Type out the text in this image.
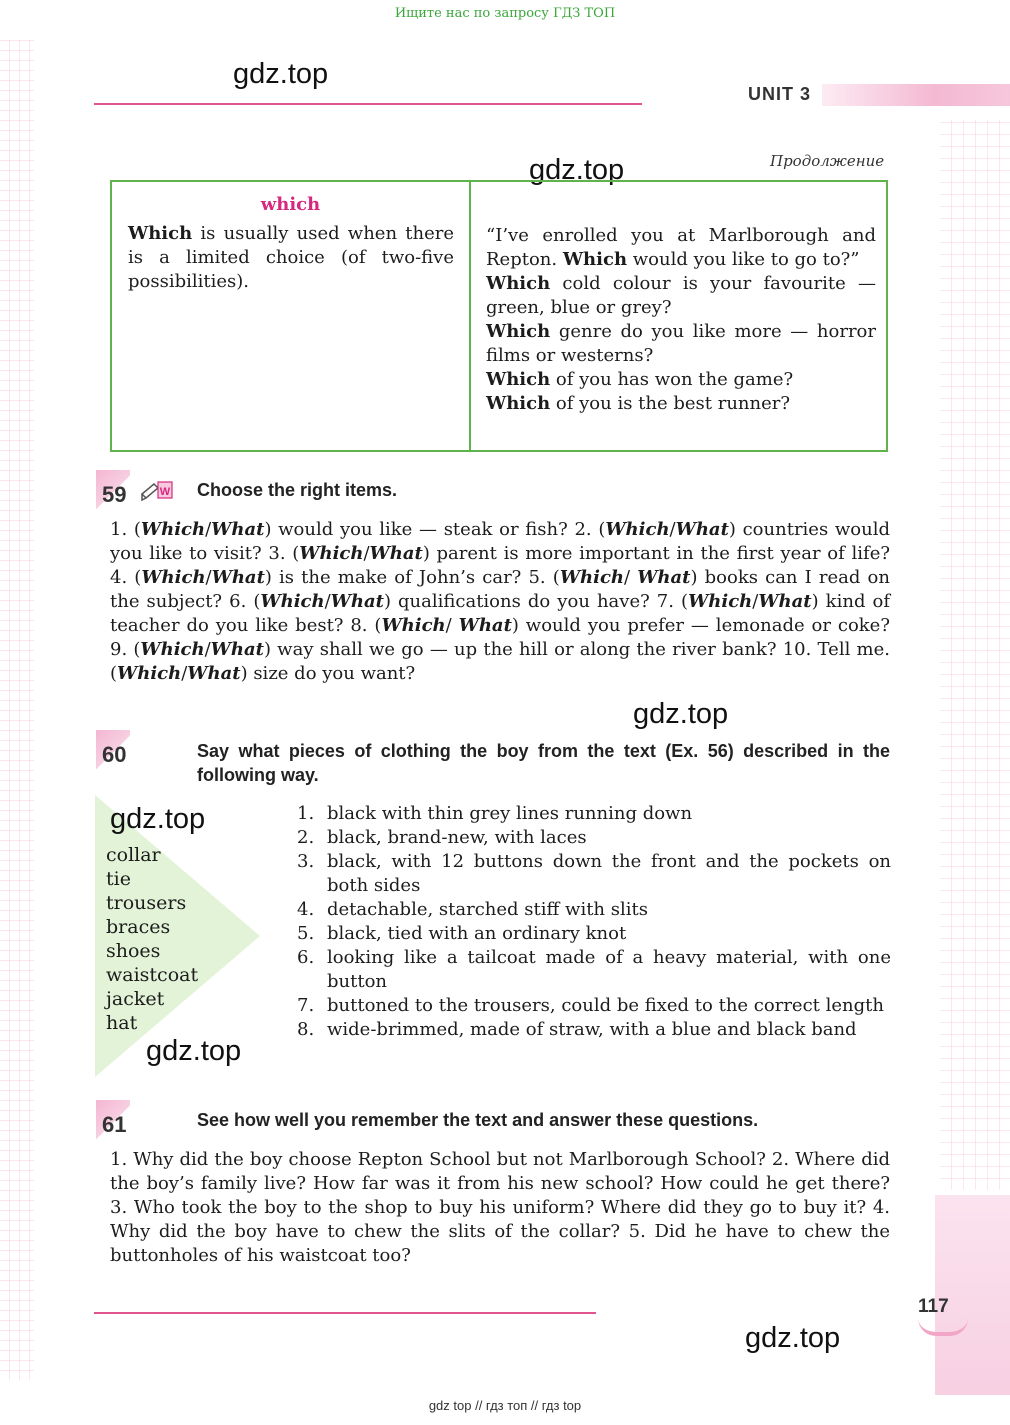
Ищите нас по запросу ГДЗ ТОП
gdz.top
UNIT 3
Продолжение
gdz.top
which
Which is usually used when there is a limited choice (of two-five possibilities).
“I’ve enrolled you at Marlborough and Repton. Which would you like to go to?”
Which cold colour is your favourite — green, blue or grey?
Which genre do you like more — horror films or westerns?
Which of you has won the game?
Which of you is the best runner?
59	W Choose the right items.
1. (Which/What) would you like — steak or fish? 2. (Which/What) countries would you like to visit? 3. (Which/What) parent is more important in the first year of life? 4. (Which/What) is the make of John’s car? 5. (Which/ What) books can I read on the subject? 6. (Which/What) qualifications do you have? 7. (Which/What) kind of teacher do you like best? 8. (Which/ What) would you prefer — lemonade or coke? 9. (Which/What) way shall we go — up the hill or along the river bank? 10. Tell me. (Which/What) size do you want?
gdz.top
60	Say what pieces of clothing the boy from the text (Ex. 56) described in the following way.
gdz.top
collar
tie
trousers
braces
shoes
waistcoat
jacket
hat
gdz.top
1. black with thin grey lines running down
2. black, brand-new, with laces
3. black, with 12 buttons down the front and the pockets on both sides
4. detachable, starched stiff with slits
5. black, tied with an ordinary knot
6. looking like a tailcoat made of a heavy material, with one button
7. buttoned to the trousers, could be fixed to the correct length
8. wide-brimmed, made of straw, with a blue and black band
61	See how well you remember the text and answer these questions.
1. Why did the boy choose Repton School but not Marlborough School? 2. Where did the boy’s family live? How far was it from his new school? How could he get there? 3. Who took the boy to the shop to buy his uniform? Where did they go to buy it? 4. Why did the boy have to chew the slits of the collar? 5. Did he have to chew the buttonholes of his waistcoat too?
117
gdz.top
gdz top // гдз топ // гдз top
